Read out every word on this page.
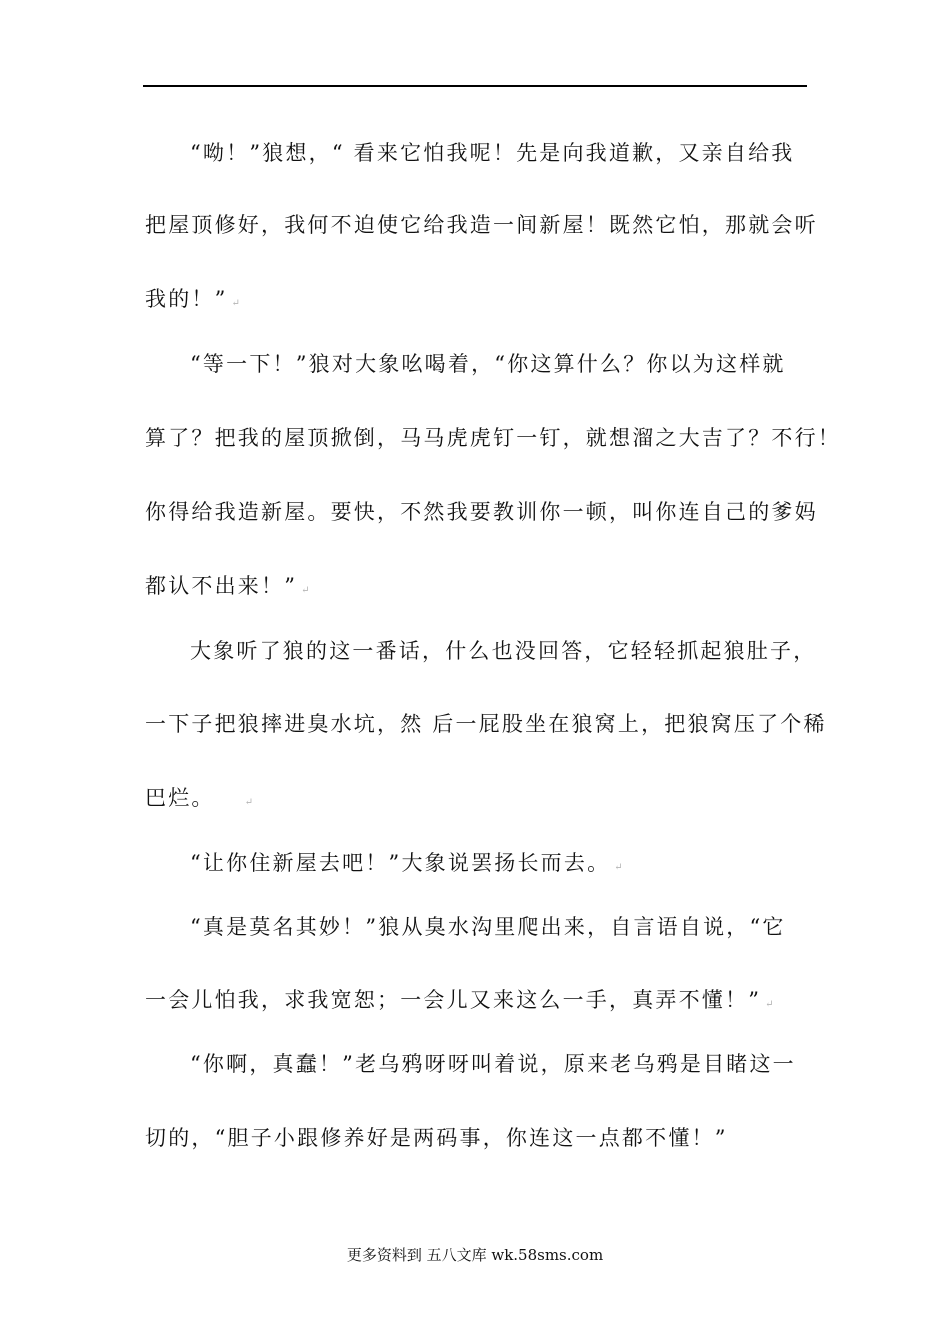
“呦！”狼想，“ 看来它怕我呢！先是向我道歉，又亲自给我
把屋顶修好，我何不迫使它给我造一间新屋！既然它怕，那就会听
我的！” ↵
“等一下！”狼对大象吆喝着，“你这算什么？你以为这样就
算了？把我的屋顶掀倒，马马虎虎钉一钉，就想溜之大吉了？不行！
你得给我造新屋。要快，不然我要教训你一顿，叫你连自己的爹妈
都认不出来！” ↵
大象听了狼的这一番话，什么也没回答，它轻轻抓起狼肚子，
一下子把狼摔进臭水坑，然 后一屁股坐在狼窝上，把狼窝压了个稀
巴烂。	↵
“让你住新屋去吧！”大象说罢扬长而去。 ↵
“真是莫名其妙！”狼从臭水沟里爬出来，自言语自说，“它
一会儿怕我，求我宽恕；一会儿又来这么一手，真弄不懂！” ↵
“你啊，真蠢！”老乌鸦呀呀叫着说，原来老乌鸦是目睹这一
切的，“胆子小跟修养好是两码事，你连这一点都不懂！”
更多资料到 五八文库 wk.58sms.com
